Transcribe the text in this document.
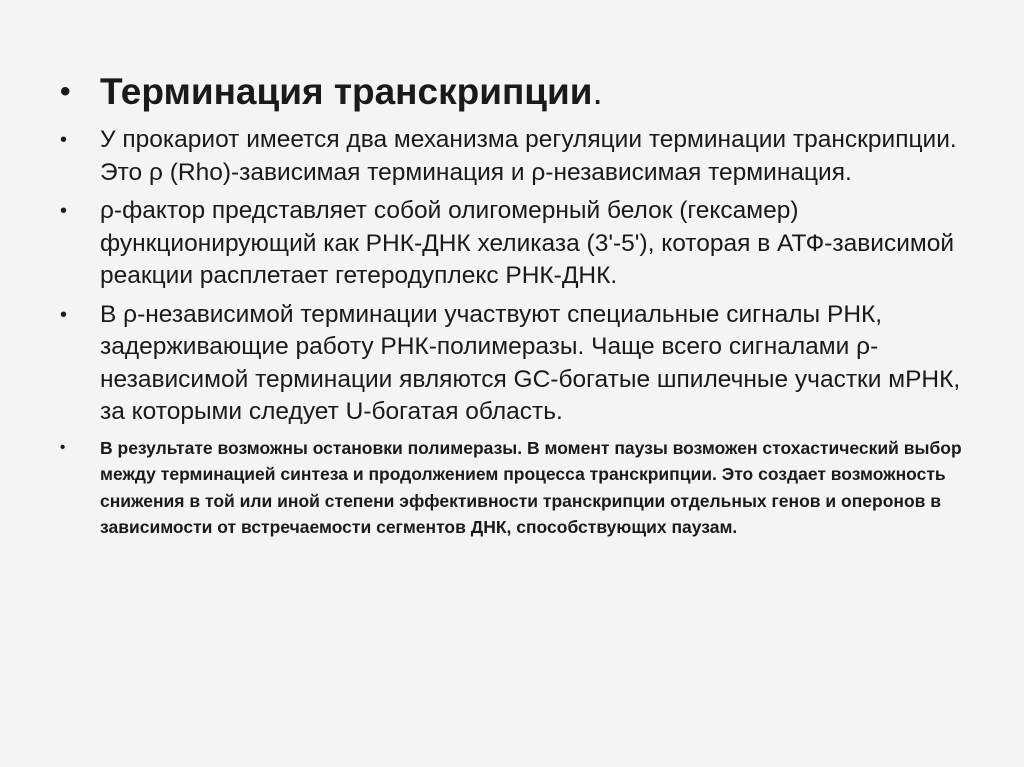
• Терминация транскрипции.
• У прокариот имеется два механизма регуляции терминации транскрипции. Это ρ (Rho)-зависимая терминация и ρ-независимая терминация.
• ρ-фактор представляет собой олигомерный белок (гексамер) функционирующий как РНК-ДНК хеликаза (3'-5'), которая в АТФ-зависимой реакции расплетает гетеродуплекс РНК-ДНК.
• В ρ-независимой терминации участвуют специальные сигналы РНК, задерживающие работу РНК-полимеразы. Чаще всего сигналами ρ-независимой терминации являются GC-богатые шпилечные участки мРНК, за которыми следует U-богатая область.
• В результате возможны остановки полимеразы. В момент паузы возможен стохастический выбор между терминацией синтеза и продолжением процесса транскрипции. Это создает возможность снижения в той или иной степени эффективности транскрипции отдельных генов и оперонов в зависимости от встречаемости сегментов ДНК, способствующих паузам.
